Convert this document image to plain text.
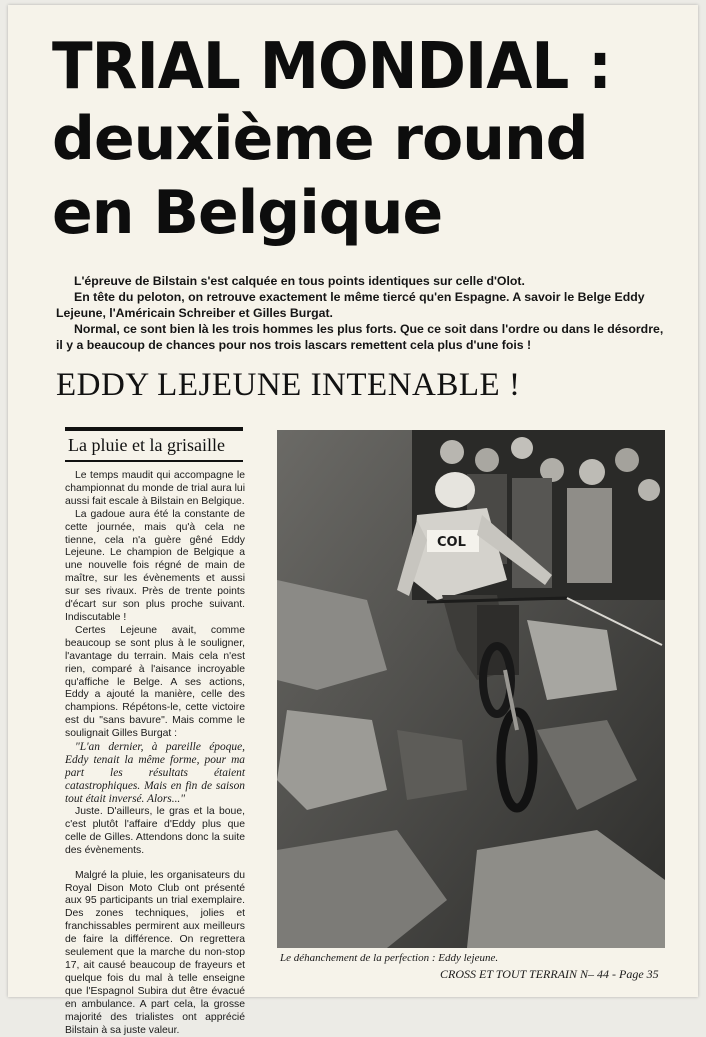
TRIAL MONDIAL :
deuxième round
en Belgique

L'épreuve de Bilstain s'est calquée en tous points identiques sur celle d'Olot.

En tête du peloton, on retrouve exactement le même tiercé qu'en Espagne. A savoir le Belge Eddy Lejeune, l'Américain Schreiber et Gilles Burgat.

Normal, ce sont bien là les trois hommes les plus forts. Que ce soit dans l'ordre ou dans le désordre, il y a beaucoup de chances pour nos trois lascars remettent cela plus d'une fois !

EDDY LEJEUNE INTENABLE !
La pluie et la grisaille

Le temps maudit qui accompagne le championnat du monde de trial aura lui aussi fait escale à Bilstain en Belgique.

La gadoue aura été la constante de cette journée, mais qu'à cela ne tienne, cela n'a guère gêné Eddy Lejeune. Le champion de Belgique a une nouvelle fois régné de main de maître, sur les évènements et aussi sur ses rivaux. Près de trente points d'écart sur son plus proche suivant. Indiscutable !

Certes Lejeune avait, comme beaucoup se sont plus à le souligner, l'avantage du terrain. Mais cela n'est rien, comparé à l'aisance incroyable qu'affiche le Belge. A ses actions, Eddy a ajouté la manière, celle des champions. Répétons-le, cette victoire est du "sans bavure". Mais comme le soulignait Gilles Burgat :

"L'an dernier, à pareille époque, Eddy tenait la même forme, pour ma part les résultats étaient catastrophiques. Mais en fin de saison tout était inversé. Alors..."

Juste. D'ailleurs, le gras et la boue, c'est plutôt l'affaire d'Eddy plus que celle de Gilles. Attendons donc la suite des évènements.

Malgré la pluie, les organisateurs du Royal Dison Moto Club ont présenté aux 95 participants un trial exemplaire. Des zones techniques, jolies et franchissables permirent aux meilleurs de faire la différence. On regrettera seulement que la marche du non-stop 17, ait causé beaucoup de frayeurs et quelque fois du mal à telle enseigne que l'Espagnol Subira dut être évacué en ambulance. A part cela, la grosse majorité des trialistes ont apprécié Bilstain à sa juste valeur.

COL
Le déhanchement de la perfection : Eddy lejeune.
CROSS ET TOUT TERRAIN N– 44 - Page 35
